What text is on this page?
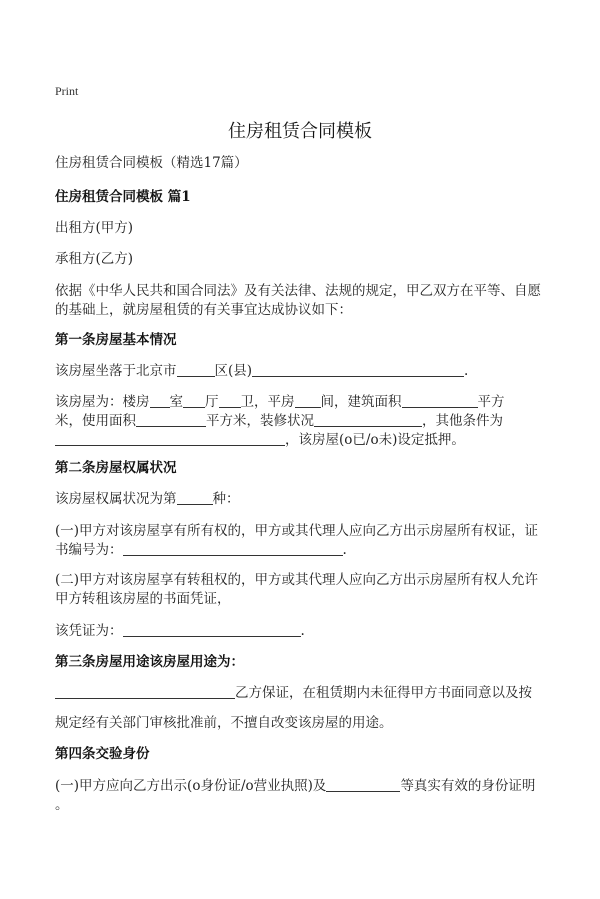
Print
住房租赁合同模板
住房租赁合同模板（精选17篇）
住房租赁合同模板 篇1
出租方(甲方)
承租方(乙方)
依据《中华人民共和国合同法》及有关法律、法规的规定，甲乙双方在平等、自愿
的基础上，就房屋租赁的有关事宜达成协议如下：
第一条房屋基本情况
该房屋坐落于北京市	区(县)	.
该房屋为：楼房 室 厅 卫，平房 间，建筑面积	平方
米，使用面积	平方米，装修状况	，其他条件为
，该房屋(o已/o未)设定抵押。
第二条房屋权属状况
该房屋权属状况为第	种：
(一)甲方对该房屋享有所有权的，甲方或其代理人应向乙方出示房屋所有权证，证
书编号为：	.
(二)甲方对该房屋享有转租权的，甲方或其代理人应向乙方出示房屋所有权人允许
甲方转租该房屋的书面凭证，
该凭证为：	.
第三条房屋用途该房屋用途为：
乙方保证，在租赁期内未征得甲方书面同意以及按
规定经有关部门审核批准前，不擅自改变该房屋的用途。
第四条交验身份
(一)甲方应向乙方出示(o身份证/o营业执照)及	等真实有效的身份证明
。
